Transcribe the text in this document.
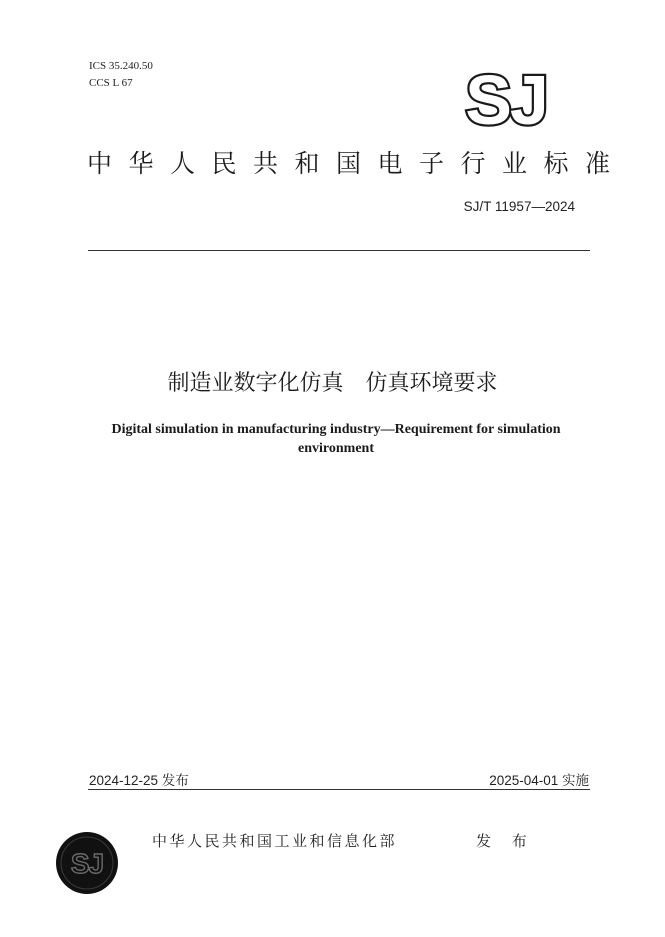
ICS 35.240.50
CCS L 67	SJ
中华人民共和国电子行业标准
SJ/T 11957—2024
制造业数字化仿真 仿真环境要求
Digital simulation in manufacturing industry—Requirement for simulation
environment
2024-12-25 发布	2025-04-01 实施
SJ
中华人民共和国工业和信息化部	发 布
